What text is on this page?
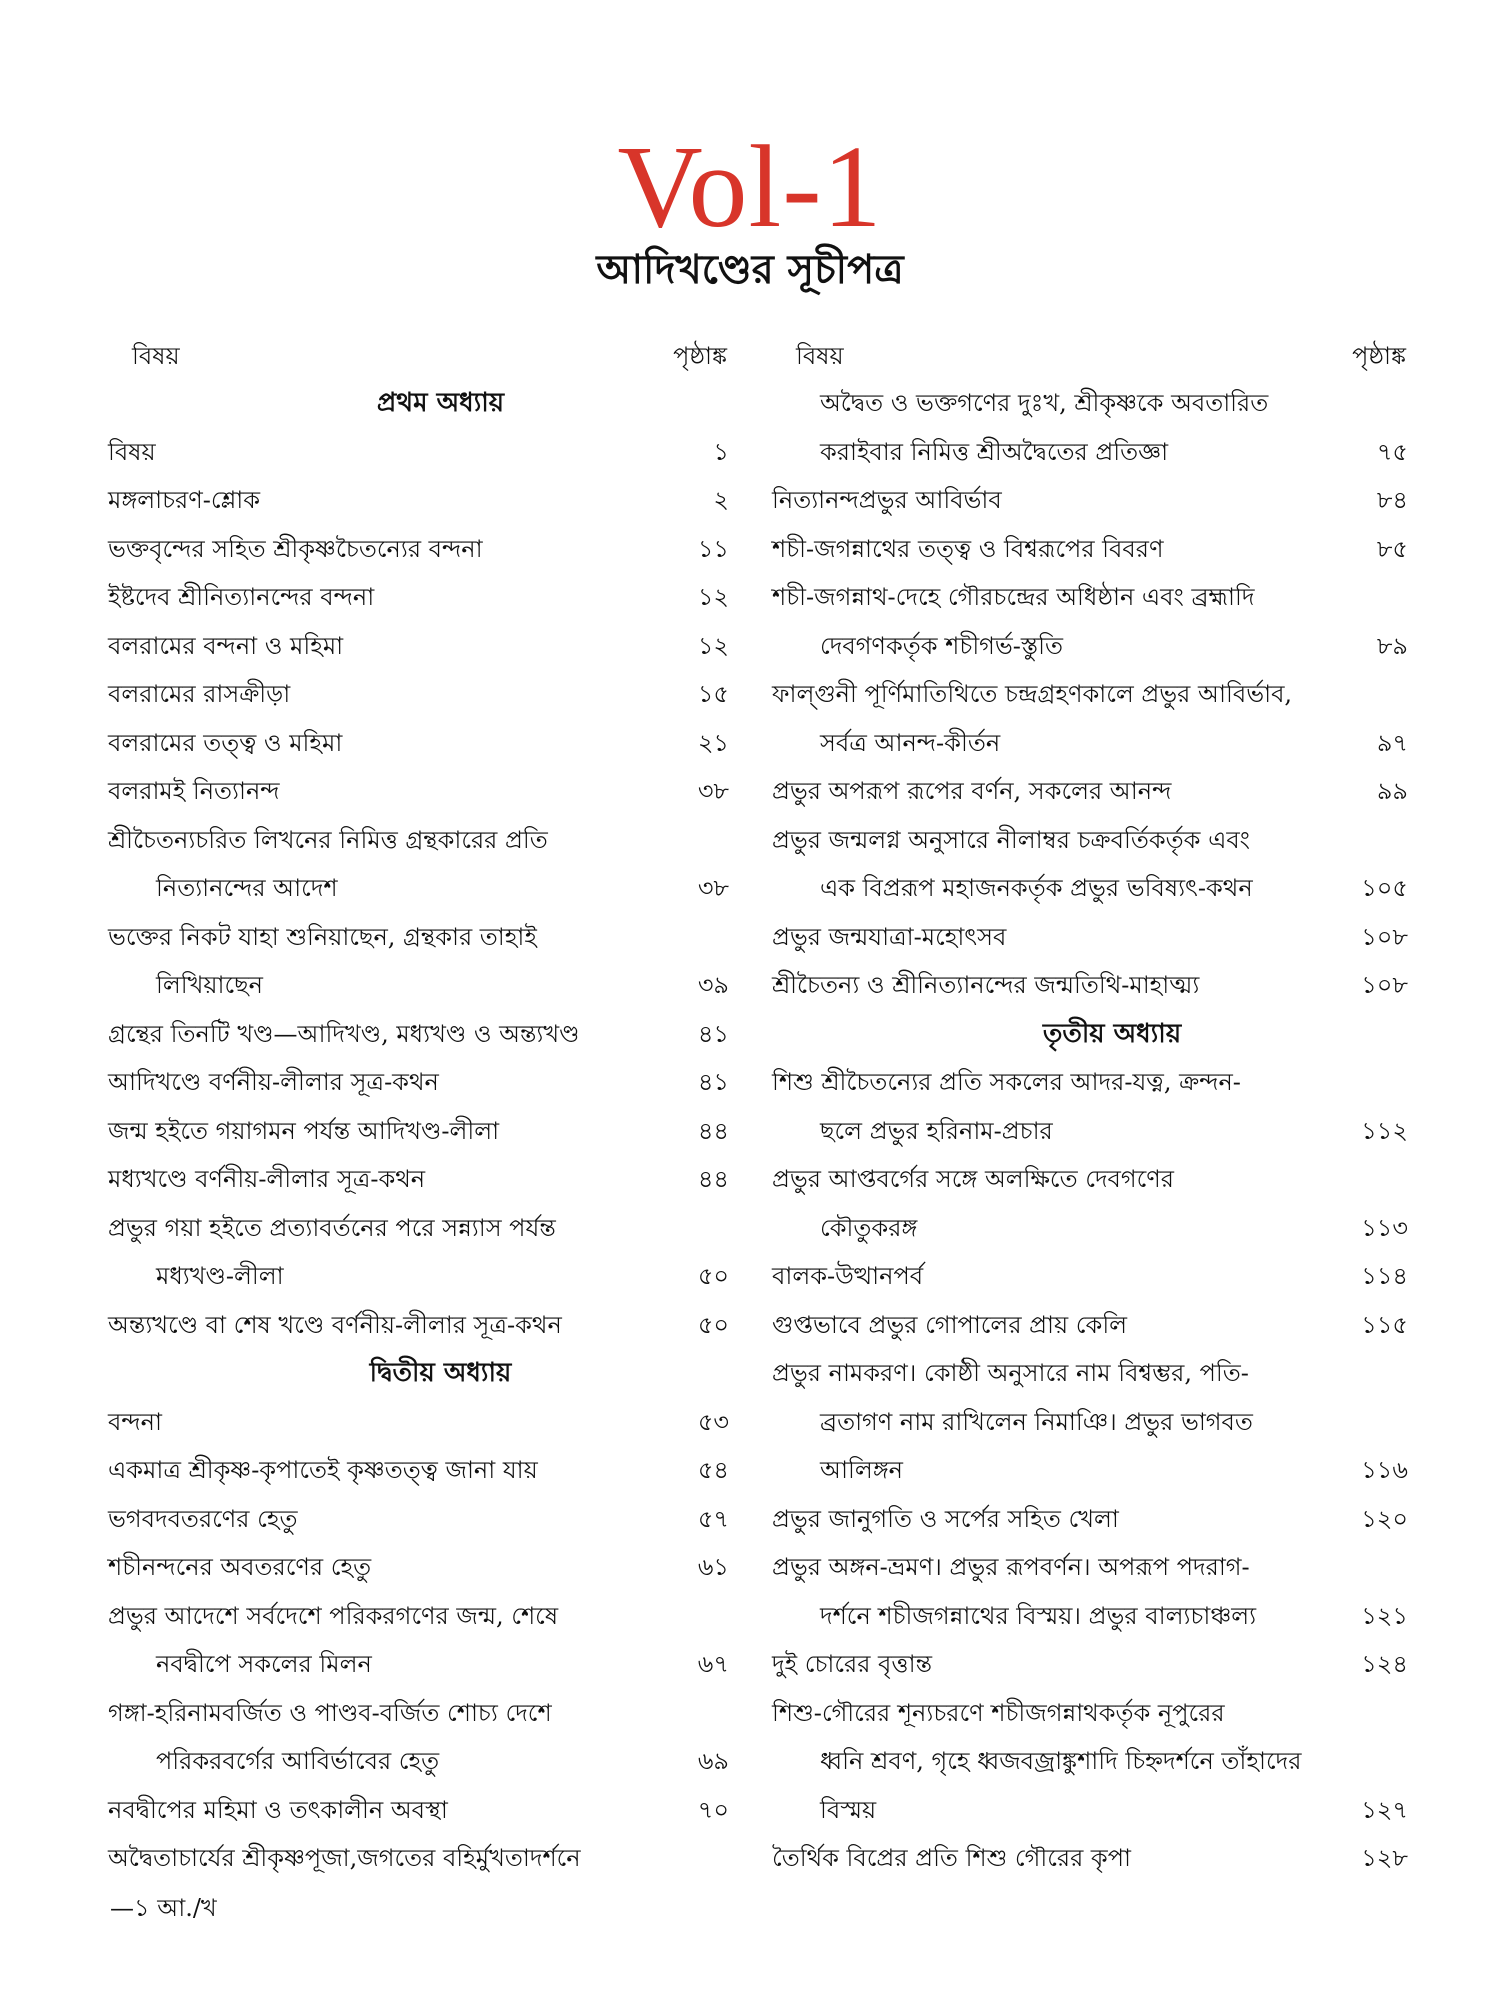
Vol-1
আদিখণ্ডের সূচীপত্র
বিষয়	পৃষ্ঠাঙ্ক
প্রথম অধ্যায়
বিষয়	১
মঙ্গলাচরণ-শ্লোক	২
ভক্তবৃন্দের সহিত শ্রীকৃষ্ণচৈতন্যের বন্দনা	১১
ইষ্টদেব শ্রীনিত্যানন্দের বন্দনা	১২
বলরামের বন্দনা ও মহিমা	১২
বলরামের রাসক্রীড়া	১৫
বলরামের তত্ত্ব ও মহিমা	২১
বলরামই নিত্যানন্দ	৩৮
শ্রীচৈতন্যচরিত লিখনের নিমিত্ত গ্রন্থকারের প্রতি
নিত্যানন্দের আদেশ	৩৮
ভক্তের নিকট যাহা শুনিয়াছেন, গ্রন্থকার তাহাই
লিখিয়াছেন	৩৯
গ্রন্থের তিনটি খণ্ড—আদিখণ্ড, মধ্যখণ্ড ও অন্ত্যখণ্ড	৪১
আদিখণ্ডে বর্ণনীয়-লীলার সূত্র-কথন	৪১
জন্ম হইতে গয়াগমন পর্যন্ত আদিখণ্ড-লীলা	৪৪
মধ্যখণ্ডে বর্ণনীয়-লীলার সূত্র-কথন	৪৪
প্রভুর গয়া হইতে প্রত্যাবর্তনের পরে সন্ন্যাস পর্যন্ত
মধ্যখণ্ড-লীলা	৫০
অন্ত্যখণ্ডে বা শেষ খণ্ডে বর্ণনীয়-লীলার সূত্র-কথন	৫০
দ্বিতীয় অধ্যায়
বন্দনা	৫৩
একমাত্র শ্রীকৃষ্ণ-কৃপাতেই কৃষ্ণতত্ত্ব জানা যায়	৫৪
ভগবদবতরণের হেতু	৫৭
শচীনন্দনের অবতরণের হেতু	৬১
প্রভুর আদেশে সর্বদেশে পরিকরগণের জন্ম, শেষে
নবদ্বীপে সকলের মিলন	৬৭
গঙ্গা-হরিনামবর্জিত ও পাণ্ডব-বর্জিত শোচ্য দেশে
পরিকরবর্গের আবির্ভাবের হেতু	৬৯
নবদ্বীপের মহিমা ও তৎকালীন অবস্থা	৭০
অদ্বৈতাচার্যের শ্রীকৃষ্ণপূজা,জগতের বহির্মুখতাদর্শনে
বিষয়	পৃষ্ঠাঙ্ক
অদ্বৈত ও ভক্তগণের দুঃখ, শ্রীকৃষ্ণকে অবতারিত
করাইবার নিমিত্ত শ্রীঅদ্বৈতের প্রতিজ্ঞা	৭৫
নিত্যানন্দপ্রভুর আবির্ভাব	৮৪
শচী-জগন্নাথের তত্ত্ব ও বিশ্বরূপের বিবরণ	৮৫
শচী-জগন্নাথ-দেহে গৌরচন্দ্রের অধিষ্ঠান এবং ব্রহ্মাদি
দেবগণকর্তৃক শচীগর্ভ-স্তুতি	৮৯
ফাল্গুনী পূর্ণিমাতিথিতে চন্দ্রগ্রহণকালে প্রভুর আবির্ভাব,
সর্বত্র আনন্দ-কীর্তন	৯৭
প্রভুর অপরূপ রূপের বর্ণন, সকলের আনন্দ	৯৯
প্রভুর জন্মলগ্ন অনুসারে নীলাম্বর চক্রবর্তিকর্তৃক এবং
এক বিপ্ররূপ মহাজনকর্তৃক প্রভুর ভবিষ্যৎ-কথন	১০৫
প্রভুর জন্মযাত্রা-মহোৎসব	১০৮
শ্রীচৈতন্য ও শ্রীনিত্যানন্দের জন্মতিথি-মাহাত্ম্য	১০৮
তৃতীয় অধ্যায়
শিশু শ্রীচৈতন্যের প্রতি সকলের আদর-যত্ন, ক্রন্দন-
ছলে প্রভুর হরিনাম-প্রচার	১১২
প্রভুর আপ্তবর্গের সঙ্গে অলক্ষিতে দেবগণের
কৌতুকরঙ্গ	১১৩
বালক-উত্থানপর্ব	১১৪
গুপ্তভাবে প্রভুর গোপালের প্রায় কেলি	১১৫
প্রভুর নামকরণ। কোষ্ঠী অনুসারে নাম বিশ্বম্ভর, পতি-
ব্রতাগণ নাম রাখিলেন নিমাঞি। প্রভুর ভাগবত
আলিঙ্গন	১১৬
প্রভুর জানুগতি ও সর্পের সহিত খেলা	১২০
প্রভুর অঙ্গন-ভ্রমণ। প্রভুর রূপবর্ণন। অপরূপ পদরাগ-
দর্শনে শচীজগন্নাথের বিস্ময়। প্রভুর বাল্যচাঞ্চল্য	১২১
দুই চোরের বৃত্তান্ত	১২৪
শিশু-গৌরের শূন্যচরণে শচীজগন্নাথকর্তৃক নূপুরের
ধ্বনি শ্রবণ, গৃহে ধ্বজবজ্রাঙ্কুশাদি চিহ্নদর্শনে তাঁহাদের
বিস্ময়	১২৭
তৈর্থিক বিপ্রের প্রতি শিশু গৌরের কৃপা	১২৮
—১ আ./খ
